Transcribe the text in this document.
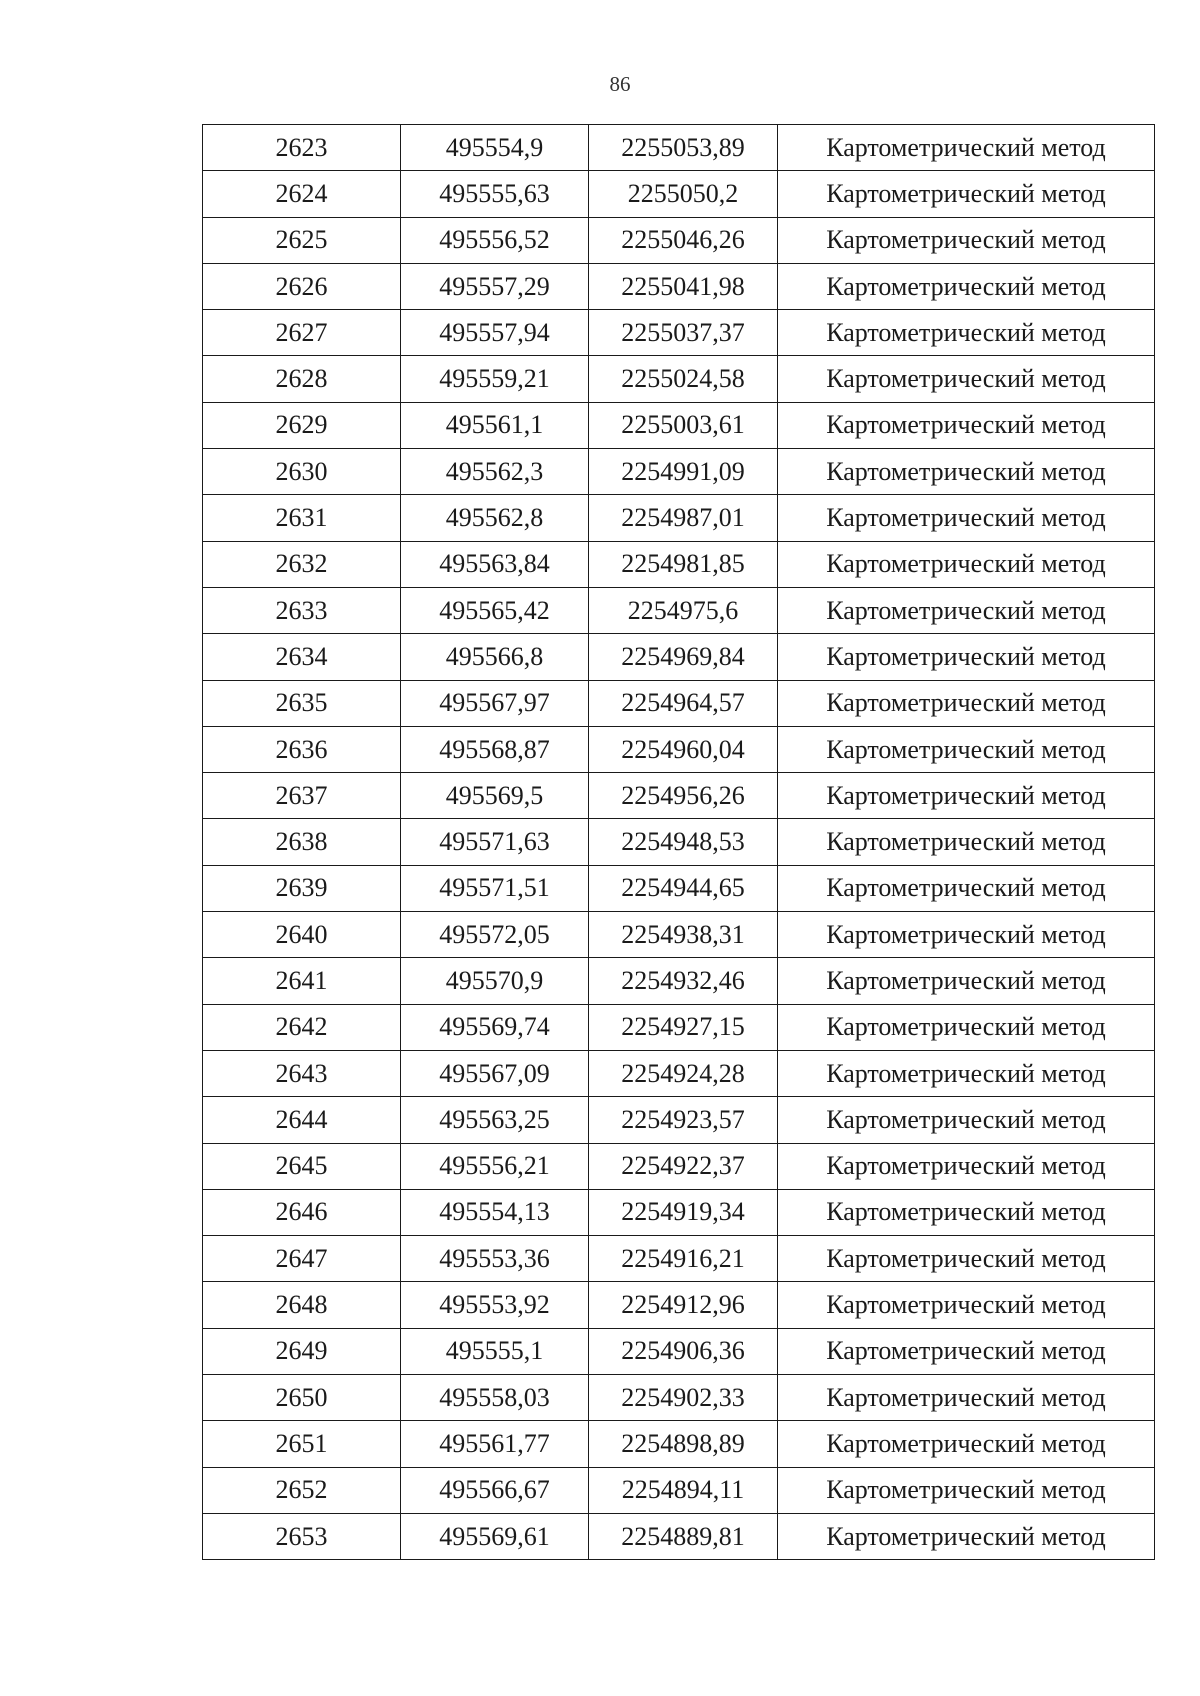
86
2623	495554,9	2255053,89	Картометрический метод
2624	495555,63	2255050,2	Картометрический метод
2625	495556,52	2255046,26	Картометрический метод
2626	495557,29	2255041,98	Картометрический метод
2627	495557,94	2255037,37	Картометрический метод
2628	495559,21	2255024,58	Картометрический метод
2629	495561,1	2255003,61	Картометрический метод
2630	495562,3	2254991,09	Картометрический метод
2631	495562,8	2254987,01	Картометрический метод
2632	495563,84	2254981,85	Картометрический метод
2633	495565,42	2254975,6	Картометрический метод
2634	495566,8	2254969,84	Картометрический метод
2635	495567,97	2254964,57	Картометрический метод
2636	495568,87	2254960,04	Картометрический метод
2637	495569,5	2254956,26	Картометрический метод
2638	495571,63	2254948,53	Картометрический метод
2639	495571,51	2254944,65	Картометрический метод
2640	495572,05	2254938,31	Картометрический метод
2641	495570,9	2254932,46	Картометрический метод
2642	495569,74	2254927,15	Картометрический метод
2643	495567,09	2254924,28	Картометрический метод
2644	495563,25	2254923,57	Картометрический метод
2645	495556,21	2254922,37	Картометрический метод
2646	495554,13	2254919,34	Картометрический метод
2647	495553,36	2254916,21	Картометрический метод
2648	495553,92	2254912,96	Картометрический метод
2649	495555,1	2254906,36	Картометрический метод
2650	495558,03	2254902,33	Картометрический метод
2651	495561,77	2254898,89	Картометрический метод
2652	495566,67	2254894,11	Картометрический метод
2653	495569,61	2254889,81	Картометрический метод
